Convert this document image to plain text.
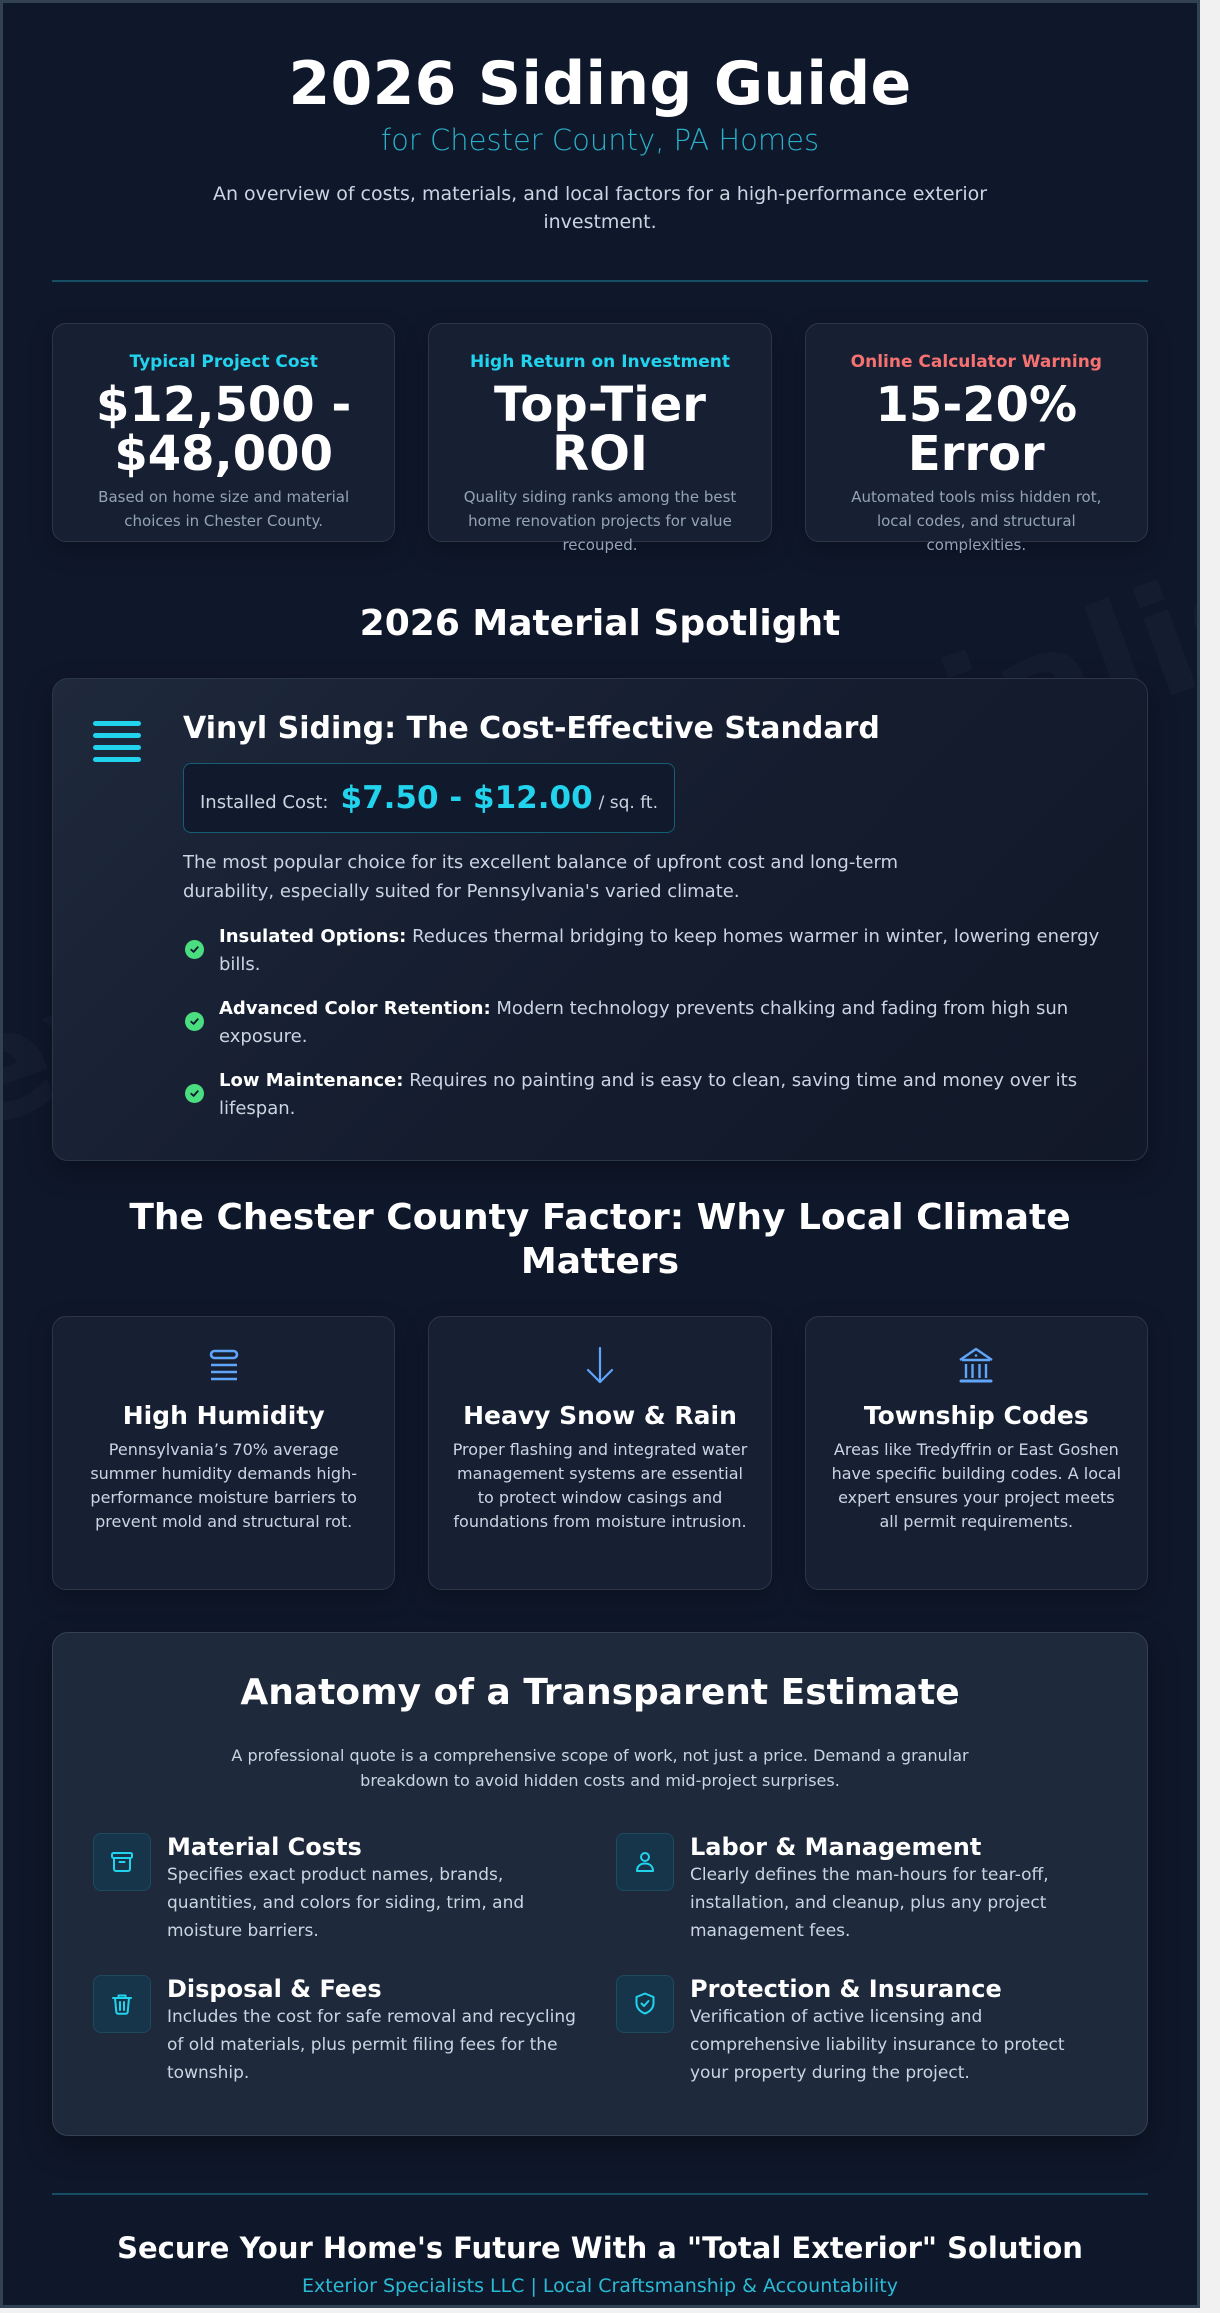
2026 Siding Guide
for Chester County, PA Homes

An overview of costs, materials, and local factors for a high-performance exterior investment.

Typical Project Cost
$12,500 - $48,000
Based on home size and material choices in Chester County.
High Return on Investment
Top-Tier ROI
Quality siding ranks among the best home renovation projects for value recouped.
Online Calculator Warning
15-20% Error
Automated tools miss hidden rot, local codes, and structural complexities.
2026 Material Spotlight
Vinyl Siding: The Cost-Effective Standard
Installed Cost: $7.50 - $12.00 / sq. ft.

The most popular choice for its excellent balance of upfront cost and long-term durability, especially suited for Pennsylvania's varied climate.

Insulated Options: Reduces thermal bridging to keep homes warmer in winter, lowering energy bills.
Advanced Color Retention: Modern technology prevents chalking and fading from high sun exposure.
Low Maintenance: Requires no painting and is easy to clean, saving time and money over its lifespan.
The Chester County Factor: Why Local Climate Matters
High Humidity

Pennsylvania’s 70% average summer humidity demands high-performance moisture barriers to prevent mold and structural rot.

Heavy Snow & Rain

Proper flashing and integrated water management systems are essential to protect window casings and foundations from moisture intrusion.

Township Codes

Areas like Tredyffrin or East Goshen have specific building codes. A local expert ensures your project meets all permit requirements.

Anatomy of a Transparent Estimate

A professional quote is a comprehensive scope of work, not just a price. Demand a granular breakdown to avoid hidden costs and mid-project surprises.

Material Costs

Specifies exact product names, brands, quantities, and colors for siding, trim, and moisture barriers.

Labor & Management

Clearly defines the man-hours for tear-off, installation, and cleanup, plus any project management fees.

Disposal & Fees

Includes the cost for safe removal and recycling of old materials, plus permit filing fees for the township.

Protection & Insurance

Verification of active licensing and comprehensive liability insurance to protect your property during the project.

Secure Your Home's Future With a "Total Exterior" Solution
Exterior Specialists LLC | Local Craftsmanship & Accountability
